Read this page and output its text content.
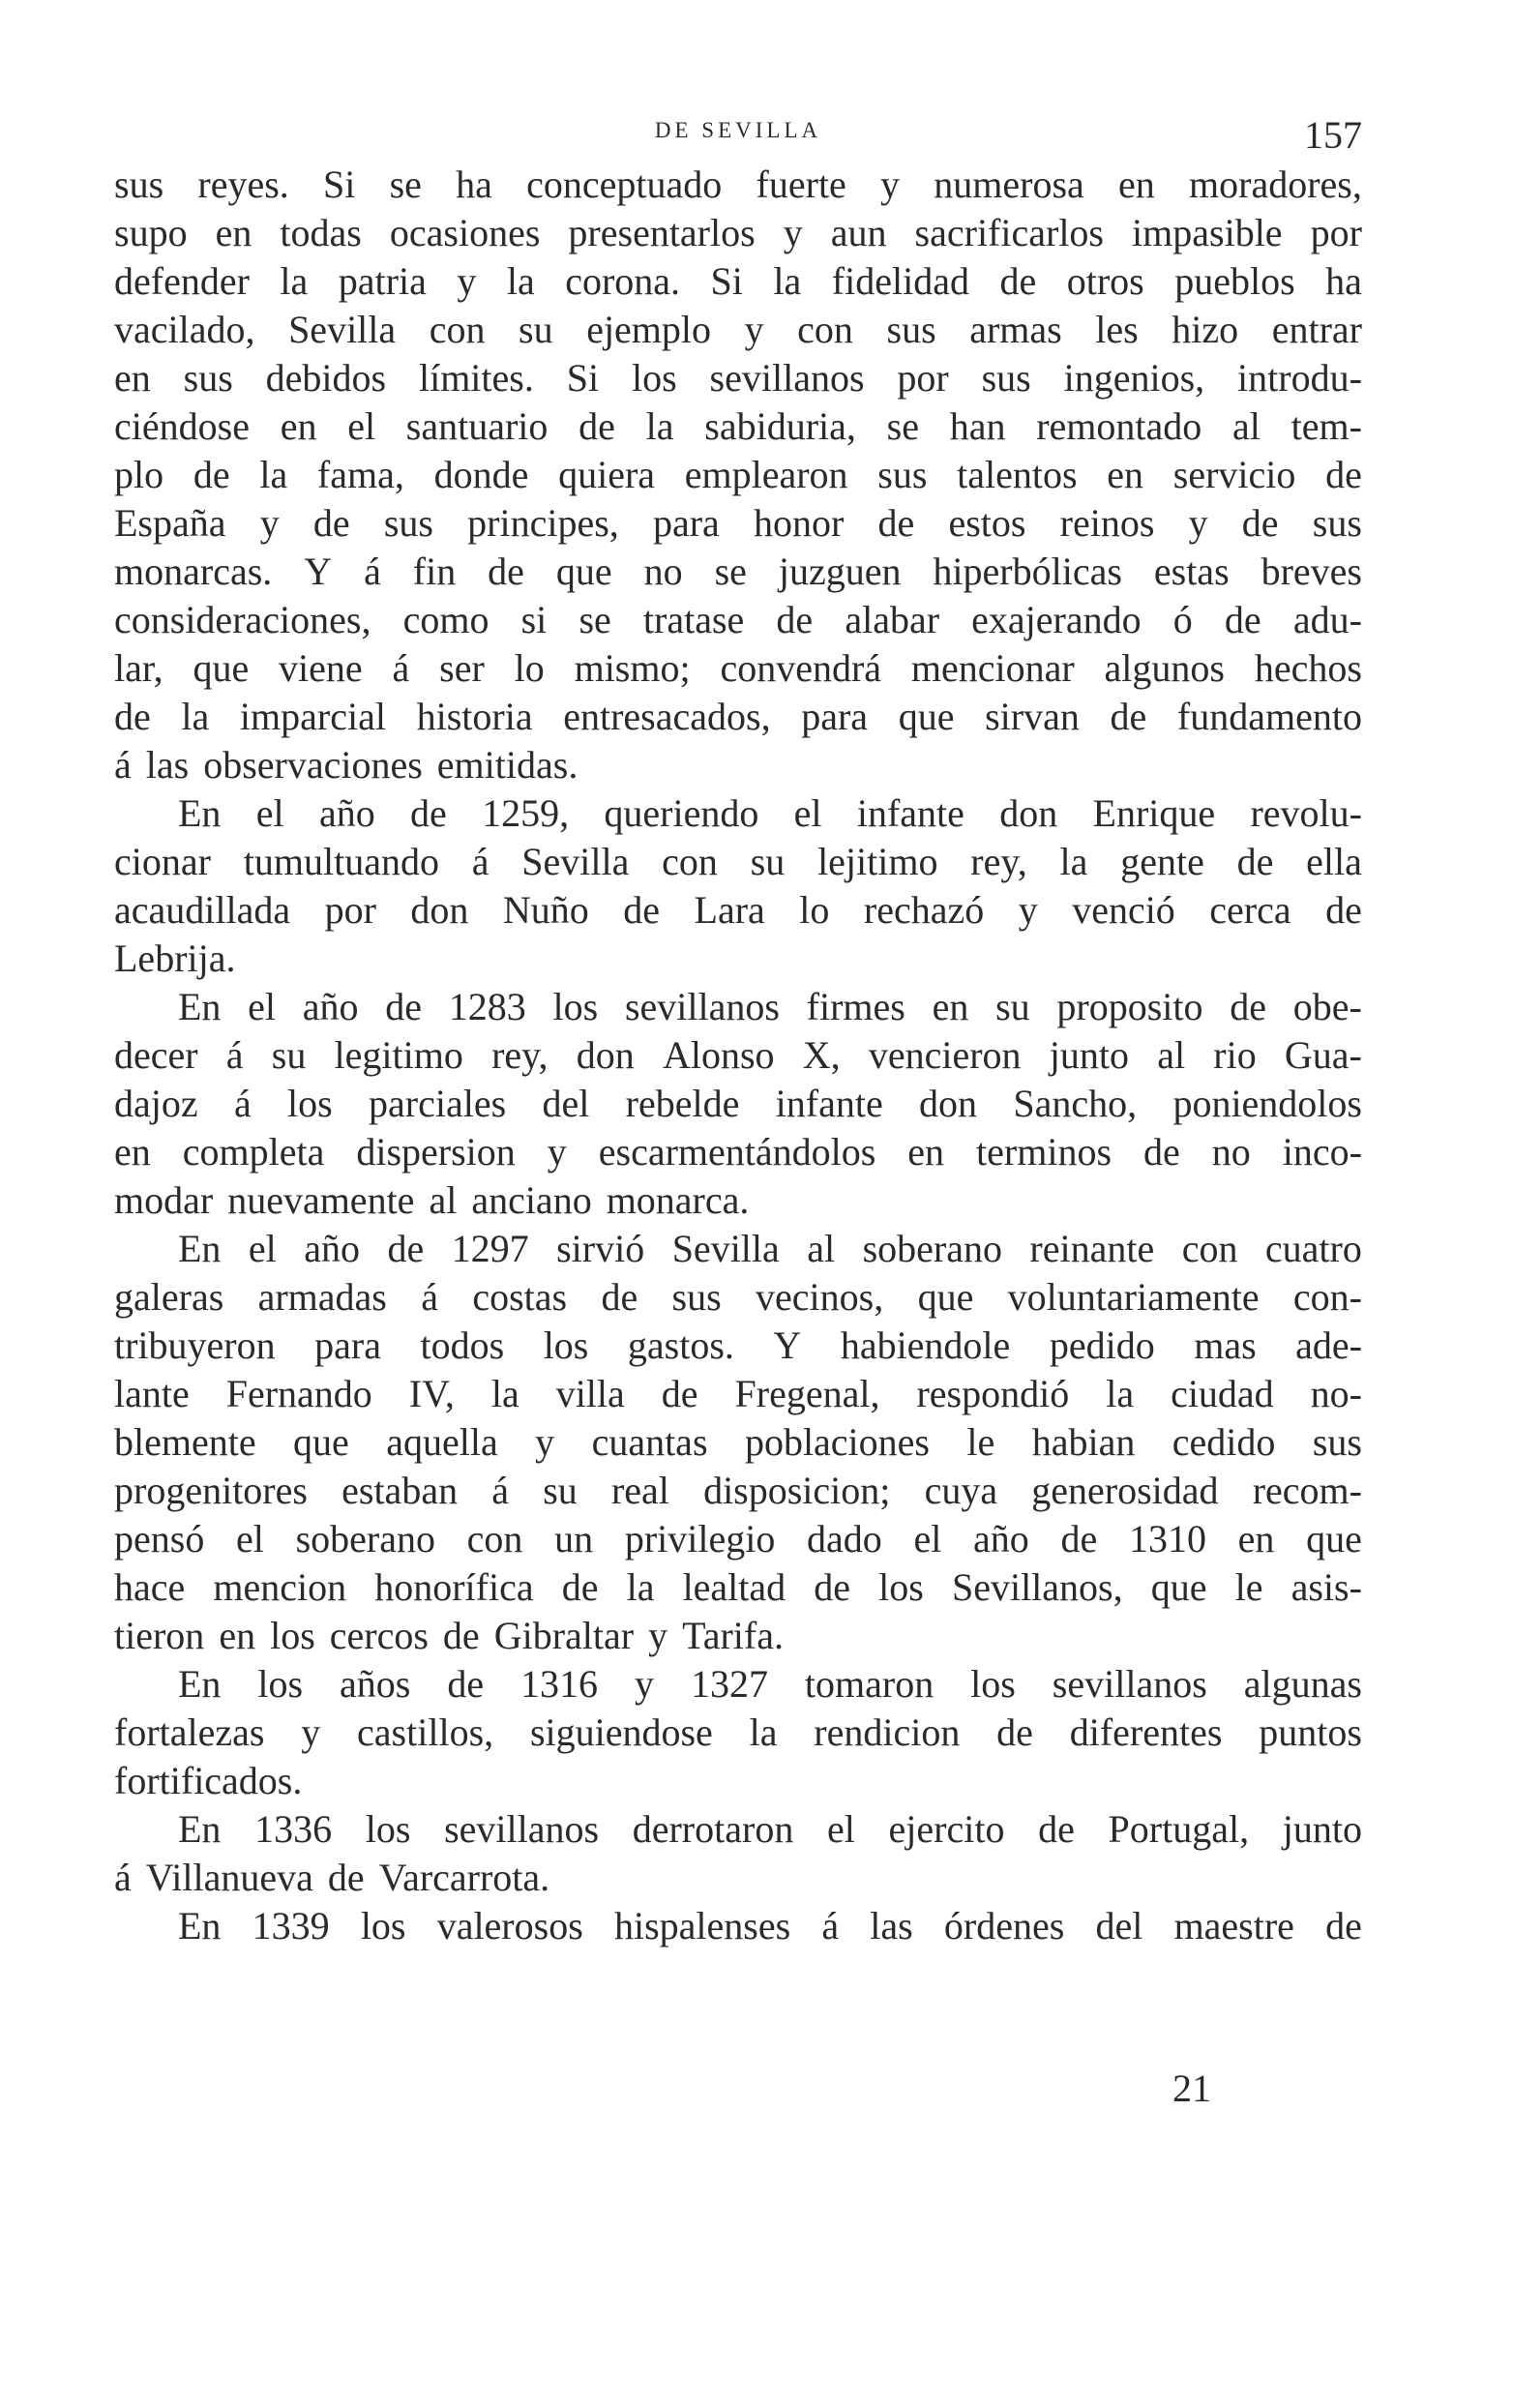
DE SEVILLA	157
sus reyes. Si se ha conceptuado fuerte y numerosa en moradores,
supo en todas ocasiones presentarlos y aun sacrificarlos impasible por
defender la patria y la corona. Si la fidelidad de otros pueblos ha
vacilado, Sevilla con su ejemplo y con sus armas les hizo entrar
en sus debidos límites. Si los sevillanos por sus ingenios, introdu-
ciéndose en el santuario de la sabiduria, se han remontado al tem-
plo de la fama, donde quiera emplearon sus talentos en servicio de
España y de sus principes, para honor de estos reinos y de sus
monarcas. Y á fin de que no se juzguen hiperbólicas estas breves
consideraciones, como si se tratase de alabar exajerando ó de adu-
lar, que viene á ser lo mismo; convendrá mencionar algunos hechos
de la imparcial historia entresacados, para que sirvan de fundamento
á las observaciones emitidas.
En el año de 1259, queriendo el infante don Enrique revolu-
cionar tumultuando á Sevilla con su lejitimo rey, la gente de ella
acaudillada por don Nuño de Lara lo rechazó y venció cerca de
Lebrija.
En el año de 1283 los sevillanos firmes en su proposito de obe-
decer á su legitimo rey, don Alonso X, vencieron junto al rio Gua-
dajoz á los parciales del rebelde infante don Sancho, poniendolos
en completa dispersion y escarmentándolos en terminos de no inco-
modar nuevamente al anciano monarca.
En el año de 1297 sirvió Sevilla al soberano reinante con cuatro
galeras armadas á costas de sus vecinos, que voluntariamente con-
tribuyeron para todos los gastos. Y habiendole pedido mas ade-
lante Fernando IV, la villa de Fregenal, respondió la ciudad no-
blemente que aquella y cuantas poblaciones le habian cedido sus
progenitores estaban á su real disposicion; cuya generosidad recom-
pensó el soberano con un privilegio dado el año de 1310 en que
hace mencion honorífica de la lealtad de los Sevillanos, que le asis-
tieron en los cercos de Gibraltar y Tarifa.
En los años de 1316 y 1327 tomaron los sevillanos algunas
fortalezas y castillos, siguiendose la rendicion de diferentes puntos
fortificados.
En 1336 los sevillanos derrotaron el ejercito de Portugal, junto
á Villanueva de Varcarrota.
En 1339 los valerosos hispalenses á las órdenes del maestre de
21
